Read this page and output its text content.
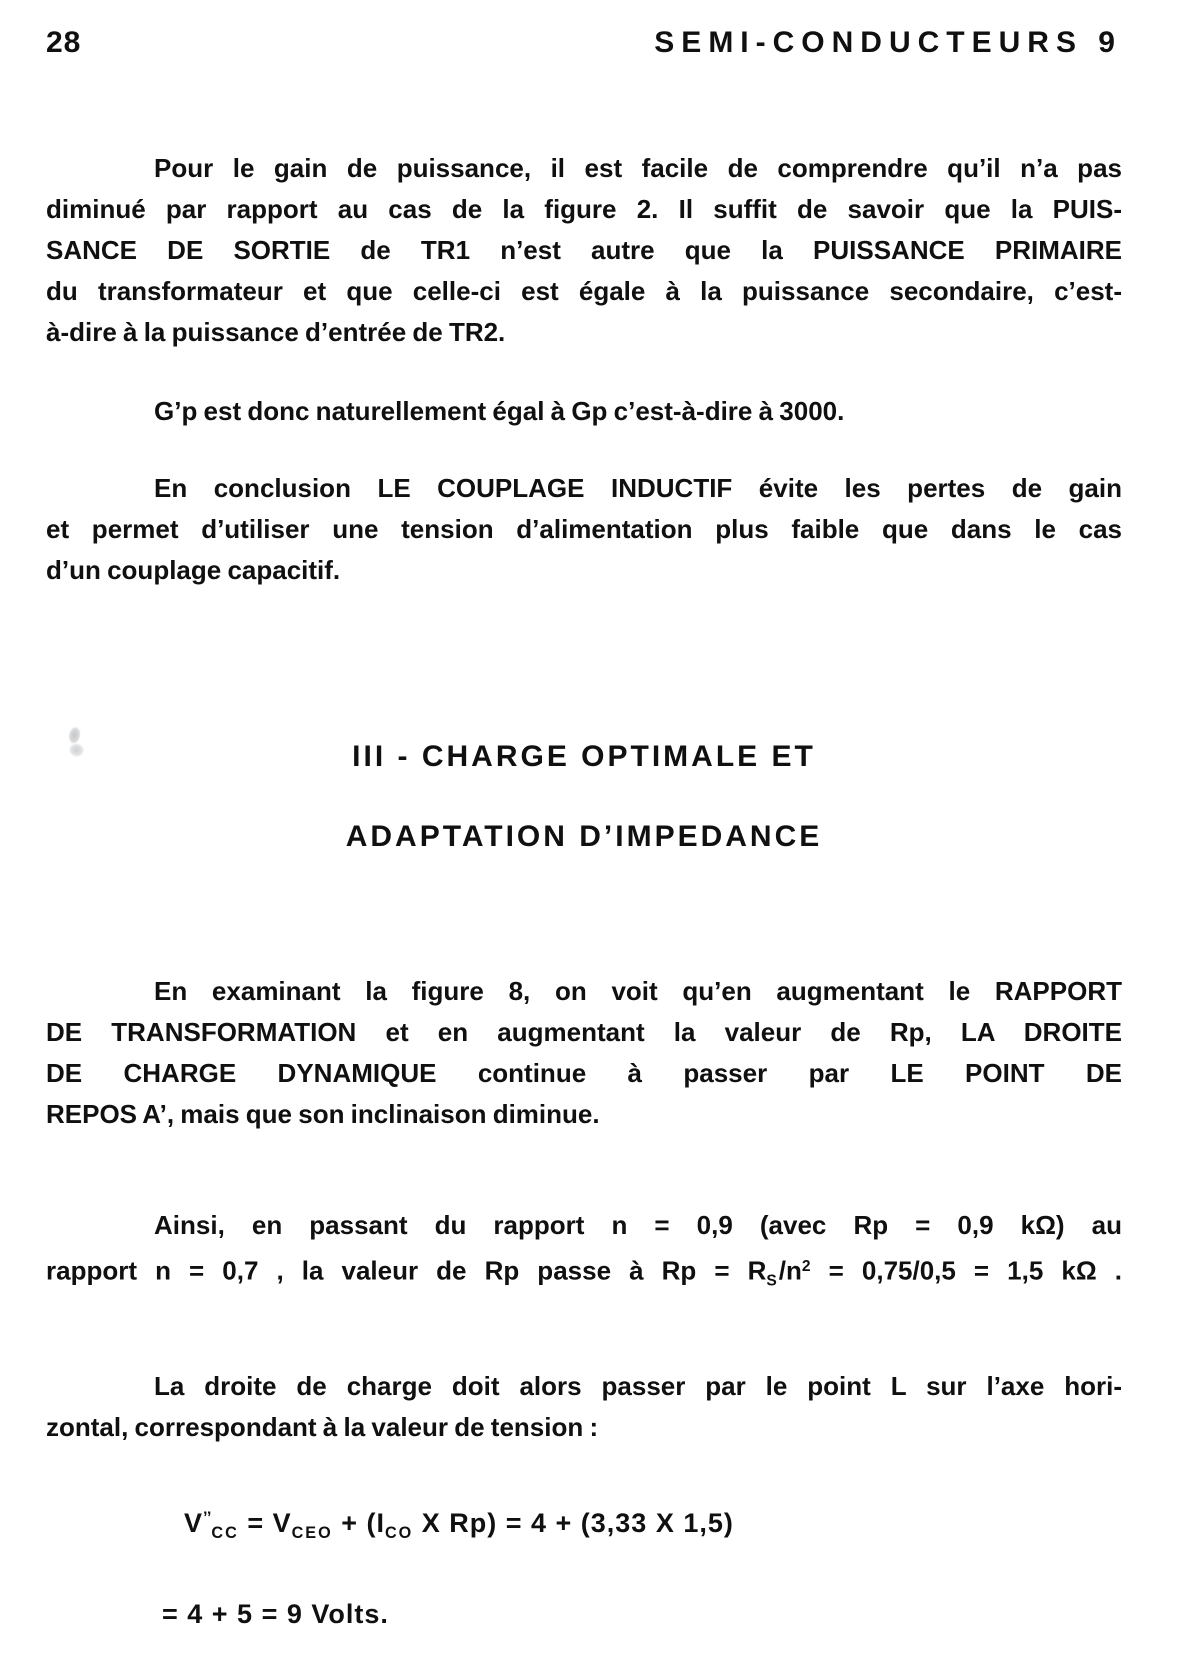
28	SEMI-CONDUCTEURS 9
Pour le gain de puissance, il est facile de comprendre qu’il n’a pas
diminué par rapport au cas de la figure 2. Il suffit de savoir que la PUIS-
SANCE DE SORTIE de TR1 n’est autre que la PUISSANCE PRIMAIRE
du transformateur et que celle-ci est égale à la puissance secondaire, c’est-
à-dire à la puissance d’entrée de TR2.
G’p est donc naturellement égal à Gp c’est-à-dire à 3000.
En conclusion LE COUPLAGE INDUCTIF évite les pertes de gain
et permet d’utiliser une tension d’alimentation plus faible que dans le cas
d’un couplage capacitif.
III - CHARGE OPTIMALE ET
ADAPTATION D’IMPEDANCE
En examinant la figure 8, on voit qu’en augmentant le RAPPORT
DE TRANSFORMATION et en augmentant la valeur de Rp, LA DROITE
DE CHARGE DYNAMIQUE continue à passer par LE POINT DE
REPOS A’, mais que son inclinaison diminue.
Ainsi, en passant du rapport n = 0,9 (avec Rp = 0,9 kΩ) au
rapport n = 0,7 , la valeur de Rp passe à $Rp = R_S/n^2 = 0,75/0,5 = 1,5$ kΩ .
La droite de charge doit alors passer par le point L sur l’axe hori-
zontal, correspondant à la valeur de tension :
$V^{’’}_{CC} = V_{CEO} + (I_{CO}$ X Rp) = 4 + (3,33 X 1,5)
= 4 + 5 = 9 Volts.
